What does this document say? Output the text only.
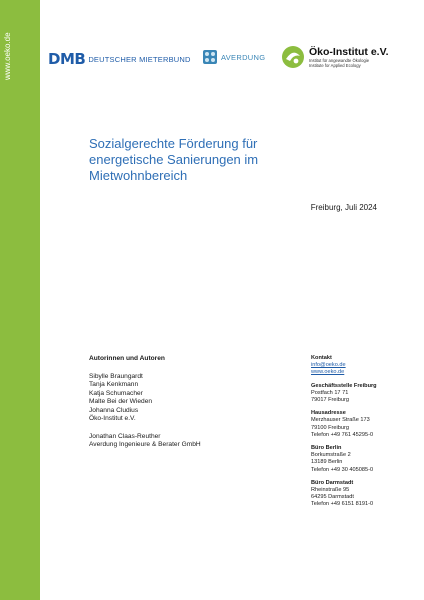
www.oeko.de	DMB DEUTSCHER MIETERBUND	AVERDUNG	Öko-Institut e.V.
Institut für angewandte Ökologie
Institute for Applied Ecology
Sozialgerechte Förderung für
energetische Sanierungen im
Mietwohnbereich
Freiburg, Juli 2024
Autorinnen und Autoren
Sibylle Braungardt
Tanja Kenkmann
Katja Schumacher
Malte Bei der Wieden
Johanna Cludius
Öko-Institut e.V.
Jonathan Claas-Reuther
Averdung Ingenieure & Berater GmbH
Kontakt
info@oeko.de
www.oeko.de
Geschäftsstelle Freiburg
Postfach 17 71
79017 Freiburg
Hausadresse
Merzhauser Straße 173
79100 Freiburg
Telefon +49 761 45295-0
Büro Berlin
Borkumstraße 2
13189 Berlin
Telefon +49 30 405085-0
Büro Darmstadt
Rheinstraße 95
64295 Darmstadt
Telefon +49 6151 8191-0
